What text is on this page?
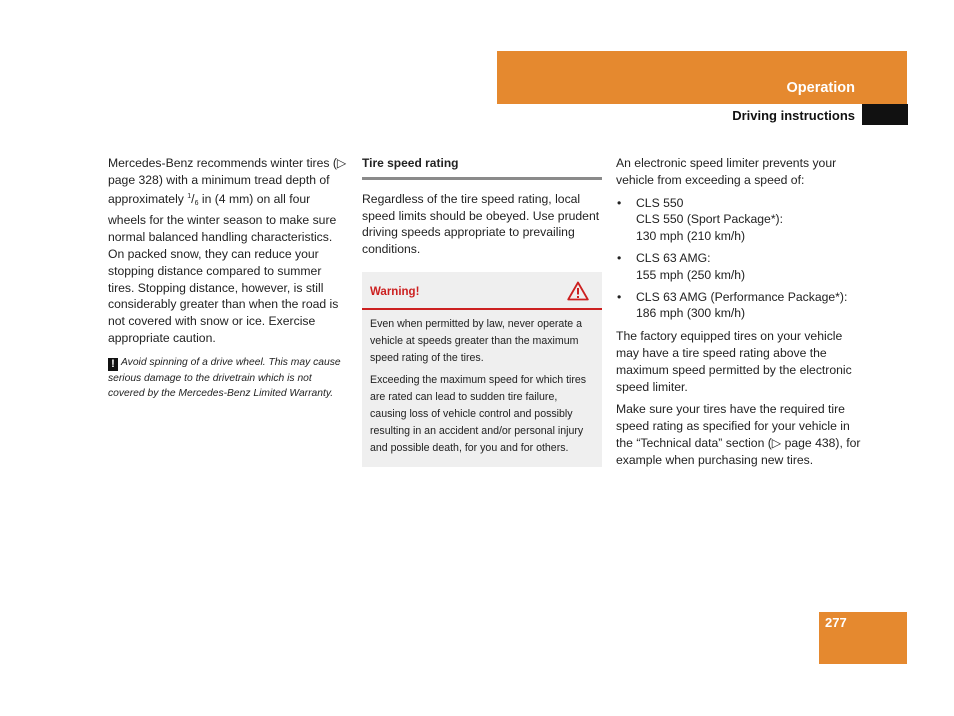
Operation
Driving instructions

Mercedes-Benz recommends winter tires (▷ page 328) with a minimum tread depth of approximately $^1/_6$ in (4 mm) on all four wheels for the winter season to make sure normal balanced handling characteristics. On packed snow, they can reduce your stopping distance compared to summer tires. Stopping distance, however, is still considerably greater than when the road is not covered with snow or ice. Exercise appropriate caution.

! Avoid spinning of a drive wheel. This may cause serious damage to the drivetrain which is not covered by the Mercedes-Benz Limited Warranty.
Tire speed rating

Regardless of the tire speed rating, local speed limits should be obeyed. Use prudent driving speeds appropriate to prevailing conditions.

Warning!

Even when permitted by law, never operate a vehicle at speeds greater than the maximum speed rating of the tires.

Exceeding the maximum speed for which tires are rated can lead to sudden tire failure, causing loss of vehicle control and possibly resulting in an accident and/or personal injury and possible death, for you and for others.

An electronic speed limiter prevents your vehicle from exceeding a speed of:

• CLS 550
CLS 550 (Sport Package*):
130 mph (210 km/h)
• CLS 63 AMG:
155 mph (250 km/h)
• CLS 63 AMG (Performance Package*):
186 mph (300 km/h)

The factory equipped tires on your vehicle may have a tire speed rating above the maximum speed permitted by the electronic speed limiter.

Make sure your tires have the required tire speed rating as specified for your vehicle in the “Technical data” section (▷ page 438), for example when purchasing new tires.

277
